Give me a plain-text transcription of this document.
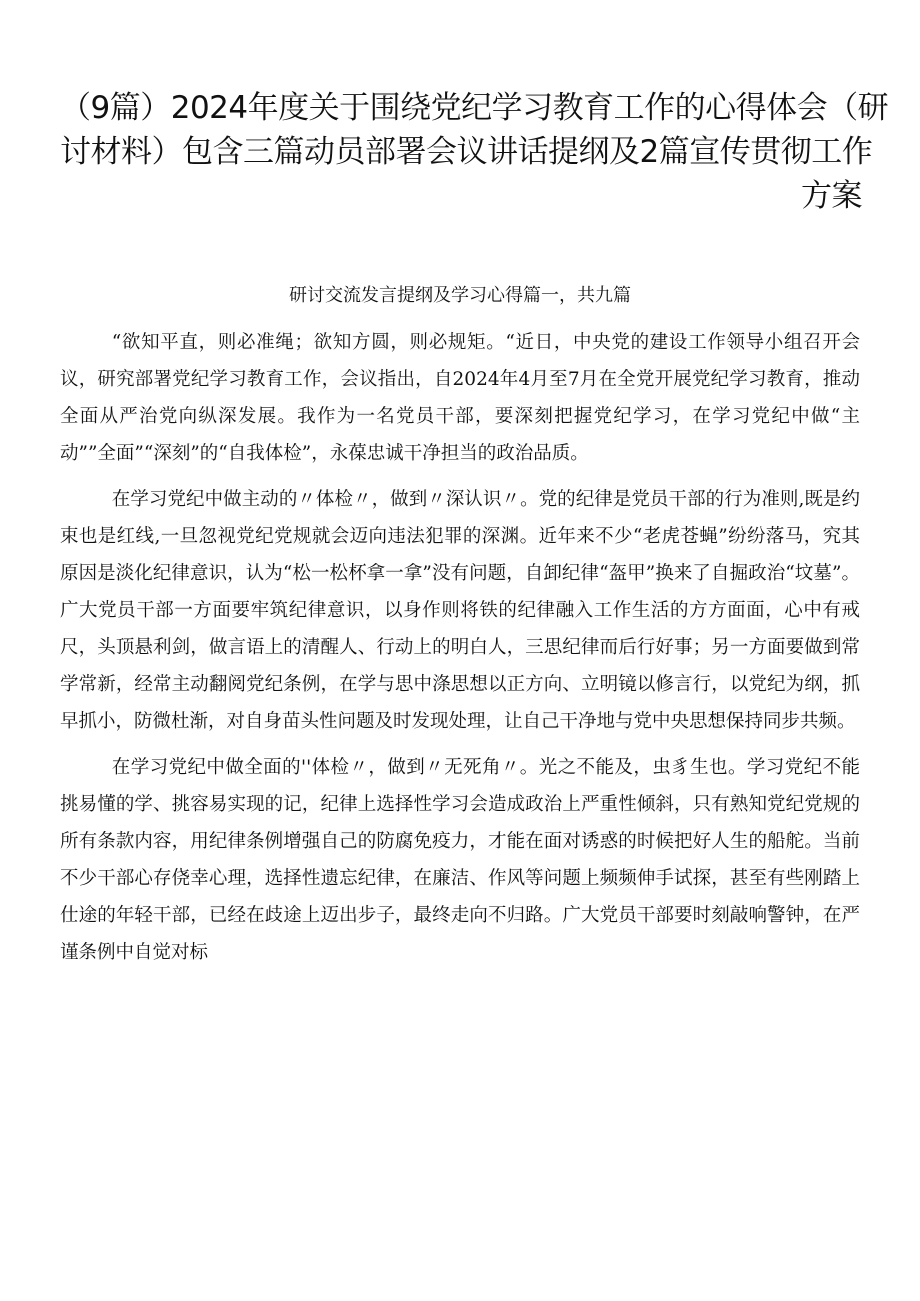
（9篇）2024年度关于围绕党纪学习教育工作的心得体会（研
讨材料）包含三篇动员部署会议讲话提纲及2篇宣传贯彻工作
方案
研讨交流发言提纲及学习心得篇一，共九篇

“欲知平直，则必准绳；欲知方圆，则必规矩。“近日，中央党的建设工作领导小组召开会议，研究部署党纪学习教育工作，会议指出，自2024年4月至7月在全党开展党纪学习教育，推动全面从严治党向纵深发展。我作为一名党员干部，要深刻把握党纪学习，在学习党纪中做“主动””全面”“深刻”的“自我体检”，永葆忠诚干净担当的政治品质。

在学习党纪中做主动的〃体检〃，做到〃深认识〃。党的纪律是党员干部的行为准则,既是约束也是红线,一旦忽视党纪党规就会迈向违法犯罪的深渊。近年来不少“老虎苍蝇”纷纷落马，究其原因是淡化纪律意识，认为“松一松杯拿一拿”没有问题，自卸纪律“盔甲”换来了自掘政治“坟墓”。广大党员干部一方面要牢筑纪律意识，以身作则将铁的纪律融入工作生活的方方面面，心中有戒尺，头顶悬利剑，做言语上的清醒人、行动上的明白人，三思纪律而后行好事；另一方面要做到常学常新，经常主动翻阅党纪条例，在学与思中涤思想以正方向、立明镜以修言行，以党纪为纲，抓早抓小，防微杜渐，对自身苗头性问题及时发现处理，让自己干净地与党中央思想保持同步共频。

在学习党纪中做全面的''体检〃，做到〃无死角〃。光之不能及，虫豸生也。学习党纪不能挑易懂的学、挑容易实现的记，纪律上选择性学习会造成政治上严重性倾斜，只有熟知党纪党规的所有条款内容，用纪律条例增强自己的防腐免疫力，才能在面对诱惑的时候把好人生的船舵。当前不少干部心存侥幸心理，选择性遗忘纪律，在廉洁、作风等问题上频频伸手试探，甚至有些刚踏上仕途的年轻干部，已经在歧途上迈出步子，最终走向不归路。广大党员干部要时刻敲响警钟，在严谨条例中自觉对标
